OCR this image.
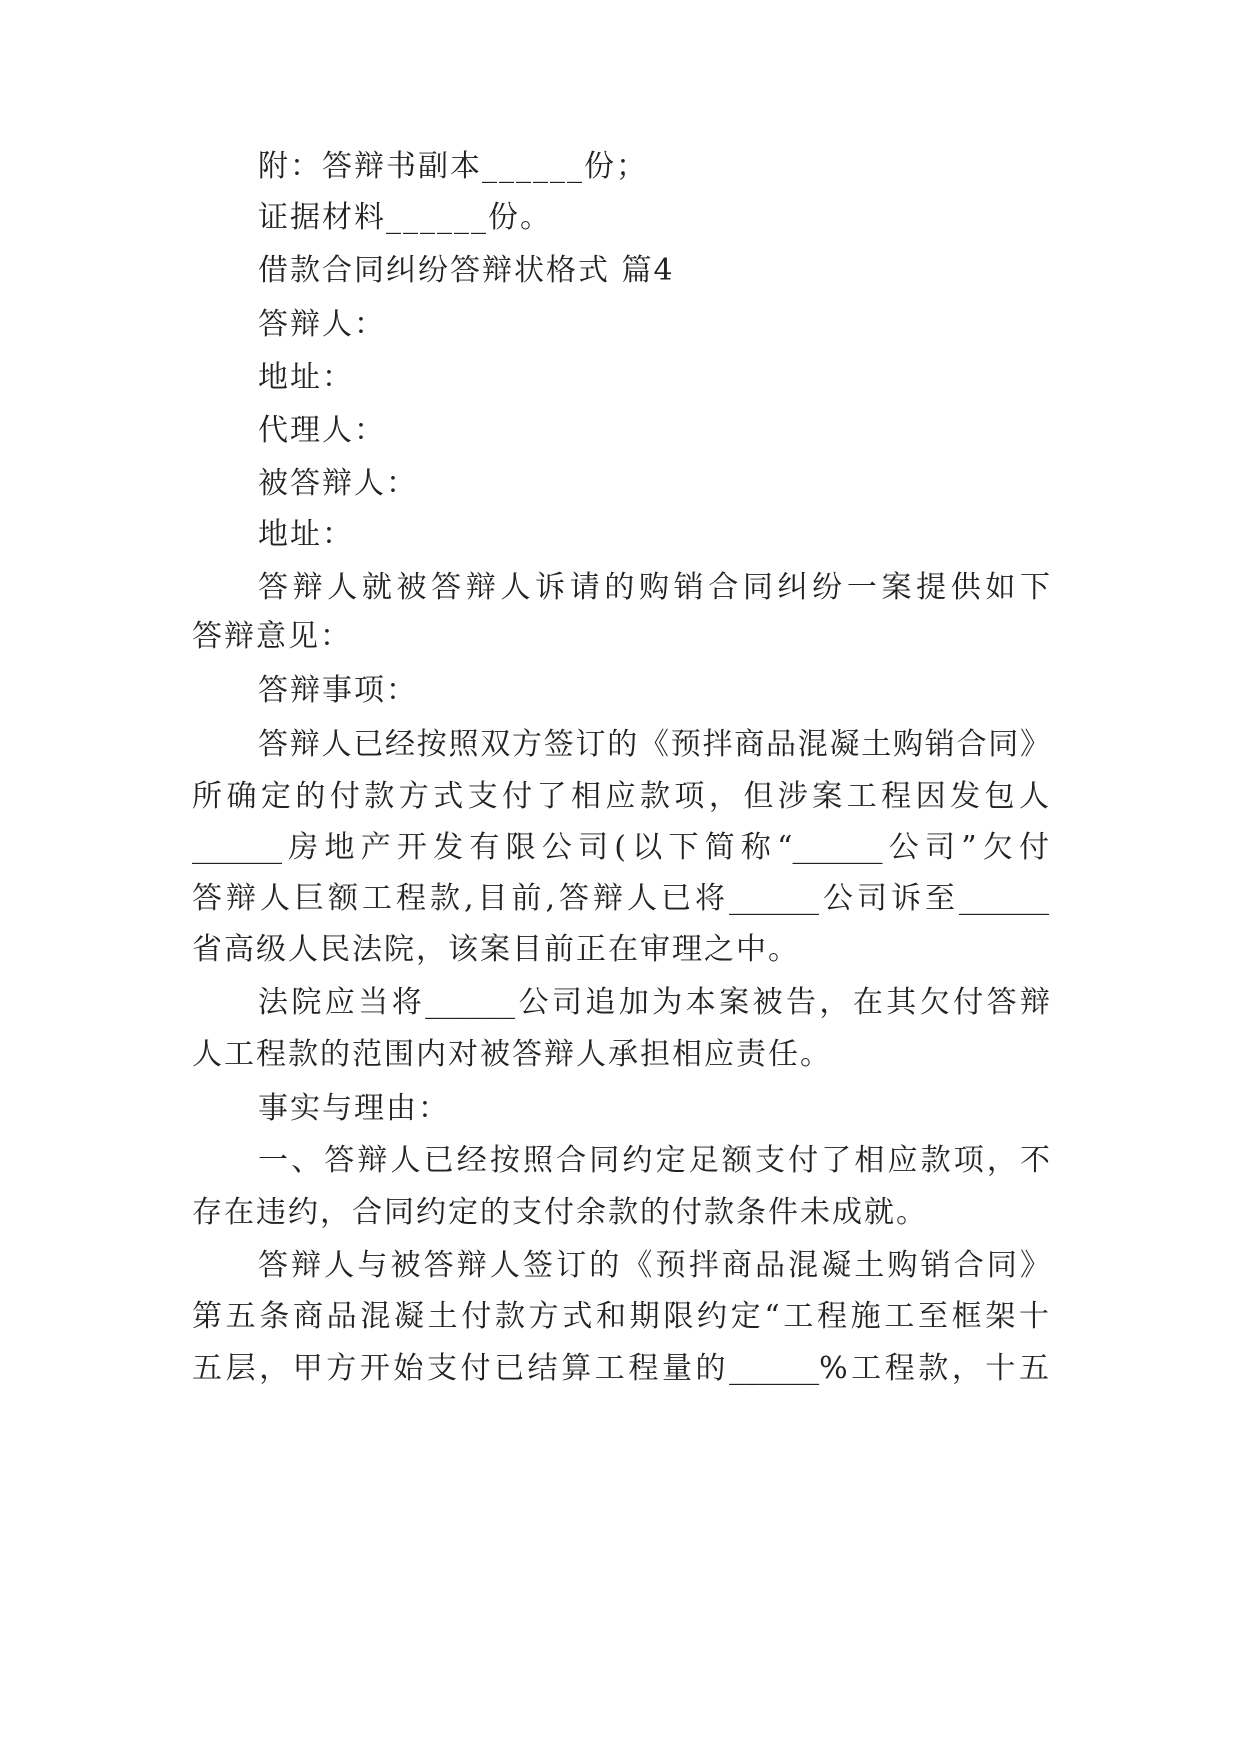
附：答辩书副本______份；
证据材料______份。
借款合同纠纷答辩状格式 篇4
答辩人：
地址：
代理人：
被答辩人：
地址：
答辩人就被答辩人诉请的购销合同纠纷一案提供如下
答辩意见：
答辩事项：
答辩人已经按照双方签订的《预拌商品混凝土购销合同》
所确定的付款方式支付了相应款项，但涉案工程因发包人
______房地产开发有限公司(以下简称“______公司”欠付
答辩人巨额工程款,目前,答辩人已将______公司诉至______
省高级人民法院，该案目前正在审理之中。
法院应当将______公司追加为本案被告，在其欠付答辩
人工程款的范围内对被答辩人承担相应责任。
事实与理由：
一、答辩人已经按照合同约定足额支付了相应款项，不
存在违约，合同约定的支付余款的付款条件未成就。
答辩人与被答辩人签订的《预拌商品混凝土购销合同》
第五条商品混凝土付款方式和期限约定“工程施工至框架十
五层，甲方开始支付已结算工程量的______%工程款，十五
